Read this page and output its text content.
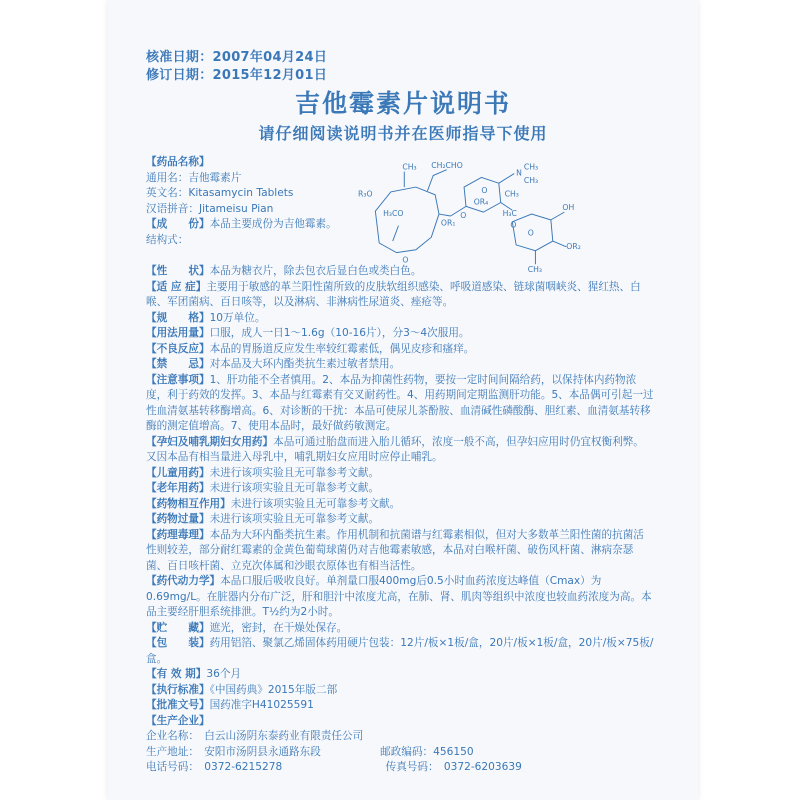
核准日期：2007年04月24日
修订日期：2015年12月01日
吉他霉素片说明书
请仔细阅读说明书并在医师指导下使用
【药品名称】
通用名：吉他霉素片
英文名：Kitasamycin Tablets
汉语拼音：Jitameisu Pian
【成　　份】本品主要成份为吉他霉素。
结构式：
CH₃ CH₂CHO
N
CH₃
CH₃
R₃O
H₃CO
OR₁
O
O
OR₄
H₃C
CH₃
O
O
OH
OR₂
O
CH₃
【性　　状】本品为糖衣片，除去包衣后显白色或类白色。
【适 应 症】主要用于敏感的革兰阳性菌所致的皮肤软组织感染、呼吸道感染、链球菌咽峡炎、猩红热、白喉、军团菌病、百日咳等，以及淋病、非淋病性尿道炎、痤疮等。
【规　　格】10万单位。
【用法用量】口服，成人一日1～1.6g（10-16片），分3～4次服用。
【不良反应】本品的胃肠道反应发生率较红霉素低，偶见皮疹和瘙痒。
【禁　　忌】对本品及大环内酯类抗生素过敏者禁用。
【注意事项】1、肝功能不全者慎用。2、本品为抑菌性药物，要按一定时间间隔给药，以保持体内药物浓度，利于药效的发挥。3、本品与红霉素有交叉耐药性。4、用药期间定期监测肝功能。5、本品偶可引起一过性血清氨基转移酶增高。6、对诊断的干扰：本品可使尿儿茶酚胺、血清碱性磷酸酶、胆红素、血清氨基转移酶的测定值增高。7、使用本品时，最好做药敏测定。
【孕妇及哺乳期妇女用药】本品可通过胎盘而进入胎儿循环，浓度一般不高，但孕妇应用时仍宜权衡利弊。又因本品有相当量进入母乳中，哺乳期妇女应用时应停止哺乳。
【儿童用药】未进行该项实验且无可靠参考文献。
【老年用药】未进行该项实验且无可靠参考文献。
【药物相互作用】未进行该项实验且无可靠参考文献。
【药物过量】未进行该项实验且无可靠参考文献。
【药理毒理】本品为大环内酯类抗生素。作用机制和抗菌谱与红霉素相似，但对大多数革兰阳性菌的抗菌活性则较差，部分耐红霉素的金黄色葡萄球菌仍对吉他霉素敏感，本品对白喉杆菌、破伤风杆菌、淋病奈瑟菌、百日咳杆菌、立克次体属和沙眼衣原体也有相当活性。
【药代动力学】本品口服后吸收良好。单剂量口服400mg后0.5小时血药浓度达峰值（Cmax）为0.69mg/L。在脏器内分布广泛，肝和胆汁中浓度尤高，在肺、肾、肌肉等组织中浓度也较血药浓度为高。本品主要经肝胆系统排泄。T½约为2小时。
【贮　　藏】遮光，密封，在干燥处保存。
【包　　装】药用铝箔、聚氯乙烯固体药用硬片包装：12片/板×1板/盒，20片/板×1板/盒，20片/板×75板/盒。
【有 效 期】36个月
【执行标准】《中国药典》2015年版二部
【批准文号】国药准字H41025591
【生产企业】
企业名称：　白云山汤阴东泰药业有限责任公司
生产地址：　安阳市汤阴县永通路东段	邮政编码：456150
电话号码：　0372-6215278	传真号码：　0372-6203639
